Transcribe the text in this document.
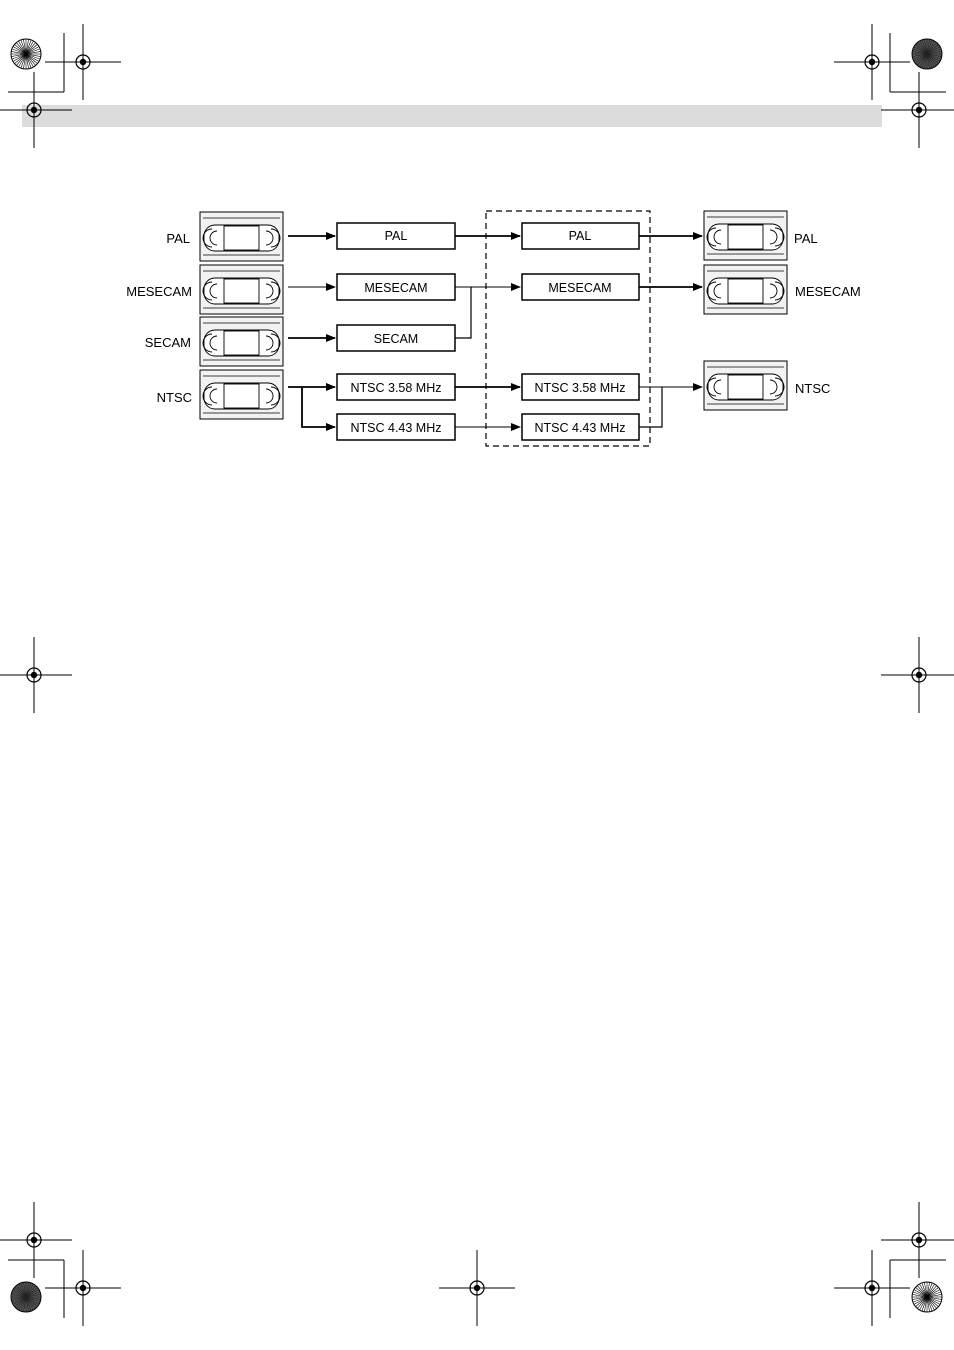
PAL
MESECAM
SECAM
NTSC
PAL
MESECAM
SECAM
NTSC 3.58 MHz
NTSC 4.43 MHz
PAL
MESECAM
NTSC 3.58 MHz
NTSC 4.43 MHz
PAL
MESECAM
NTSC
